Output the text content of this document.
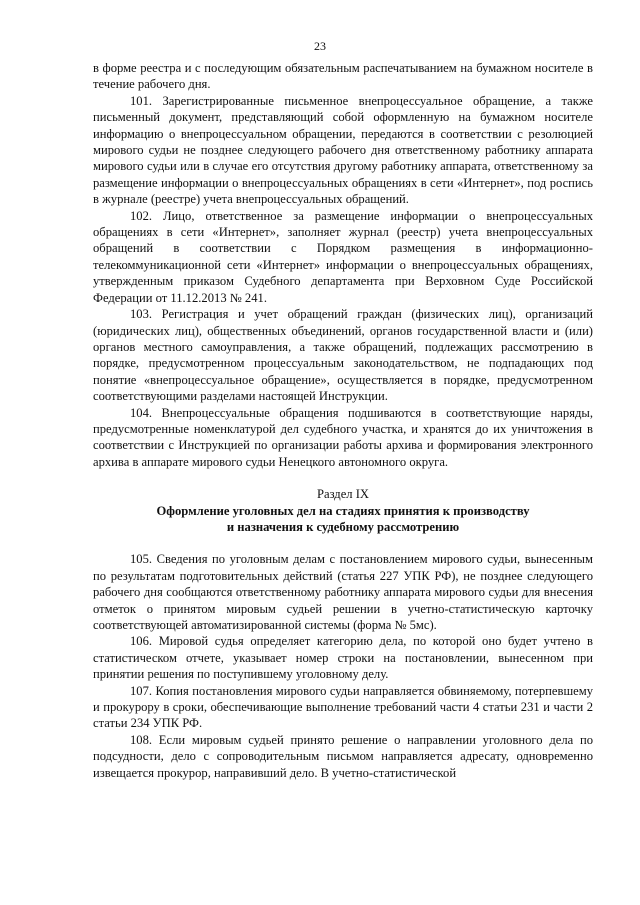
23

в форме реестра и с последующим обязательным распечатыванием на бумажном носителе в течение рабочего дня.

101. Зарегистрированные письменное внепроцессуальное обращение, а также письменный документ, представляющий собой оформленную на бумажном носителе информацию о внепроцессуальном обращении, передаются в соответствии с резолюцией мирового судьи не позднее следующего рабочего дня ответственному работнику аппарата мирового судьи или в случае его отсутствия другому работнику аппарата, ответственному за размещение информации о внепроцессуальных обращениях в сети «Интернет», под роспись в журнале (реестре) учета внепроцессуальных обращений.

102. Лицо, ответственное за размещение информации о внепроцессуальных обращениях в сети «Интернет», заполняет журнал (реестр) учета внепроцессуальных обращений в соответствии с Порядком размещения в информационно-телекоммуникационной сети «Интернет» информации о внепроцессуальных обращениях, утвержденным приказом Судебного департамента при Верховном Суде Российской Федерации от 11.12.2013 № 241.

103. Регистрация и учет обращений граждан (физических лиц), организаций (юридических лиц), общественных объединений, органов государственной власти и (или) органов местного самоуправления, а также обращений, подлежащих рассмотрению в порядке, предусмотренном процессуальным законодательством, не подпадающих под понятие «внепроцессуальное обращение», осуществляется в порядке, предусмотренном соответствующими разделами настоящей Инструкции.

104. Внепроцессуальные обращения подшиваются в соответствующие наряды, предусмотренные номенклатурой дел судебного участка, и хранятся до их уничтожения в соответствии с Инструкцией по организации работы архива и формирования электронного архива в аппарате мирового судьи Ненецкого автономного округа.

Раздел IX

Оформление уголовных дел на стадиях принятия к производству
и назначения к судебному рассмотрению

105. Сведения по уголовным делам с постановлением мирового судьи, вынесенным по результатам подготовительных действий (статья 227 УПК РФ), не позднее следующего рабочего дня сообщаются ответственному работнику аппарата мирового судьи для внесения отметок о принятом мировым судьей решении в учетно-статистическую карточку соответствующей автоматизированной системы (форма № 5мс).

106. Мировой судья определяет категорию дела, по которой оно будет учтено в статистическом отчете, указывает номер строки на постановлении, вынесенном при принятии решения по поступившему уголовному делу.

107. Копия постановления мирового судьи направляется обвиняемому, потерпевшему и прокурору в сроки, обеспечивающие выполнение требований части 4 статьи 231 и части 2 статьи 234 УПК РФ.

108. Если мировым судьей принято решение о направлении уголовного дела по подсудности, дело с сопроводительным письмом направляется адресату, одновременно извещается прокурор, направивший дело. В учетно-статистической
